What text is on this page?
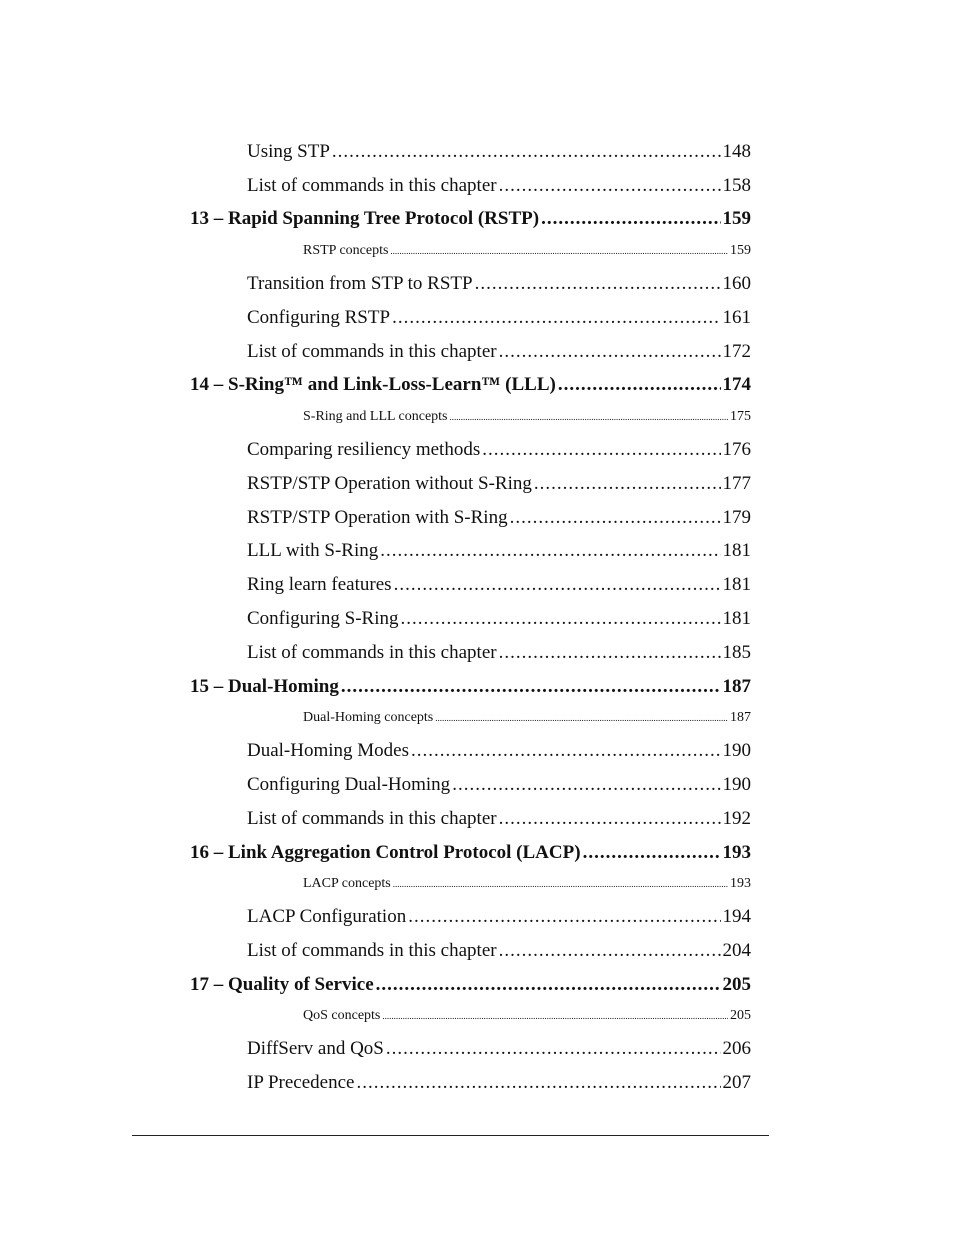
Using STP .....	148
List of commands in this chapter .....	158
13 – Rapid Spanning Tree Protocol (RSTP) .....	159
RSTP concepts .....	159
Transition from STP to RSTP .....	160
Configuring RSTP .....	161
List of commands in this chapter .....	172
14 – S-Ring™ and Link-Loss-Learn™ (LLL) .....	174
S-Ring and LLL concepts .....	175
Comparing resiliency methods .....	176
RSTP/STP Operation without S-Ring .....	177
RSTP/STP Operation with S-Ring .....	179
LLL with S-Ring .....	181
Ring learn features .....	181
Configuring S-Ring .....	181
List of commands in this chapter .....	185
15 – Dual-Homing .....	187
Dual-Homing concepts .....	187
Dual-Homing Modes .....	190
Configuring Dual-Homing .....	190
List of commands in this chapter .....	192
16 – Link Aggregation Control Protocol (LACP) .....	193
LACP concepts .....	193
LACP Configuration .....	194
List of commands in this chapter .....	204
17 – Quality of Service .....	205
QoS concepts .....	205
DiffServ and QoS .....	206
IP Precedence .....	207
